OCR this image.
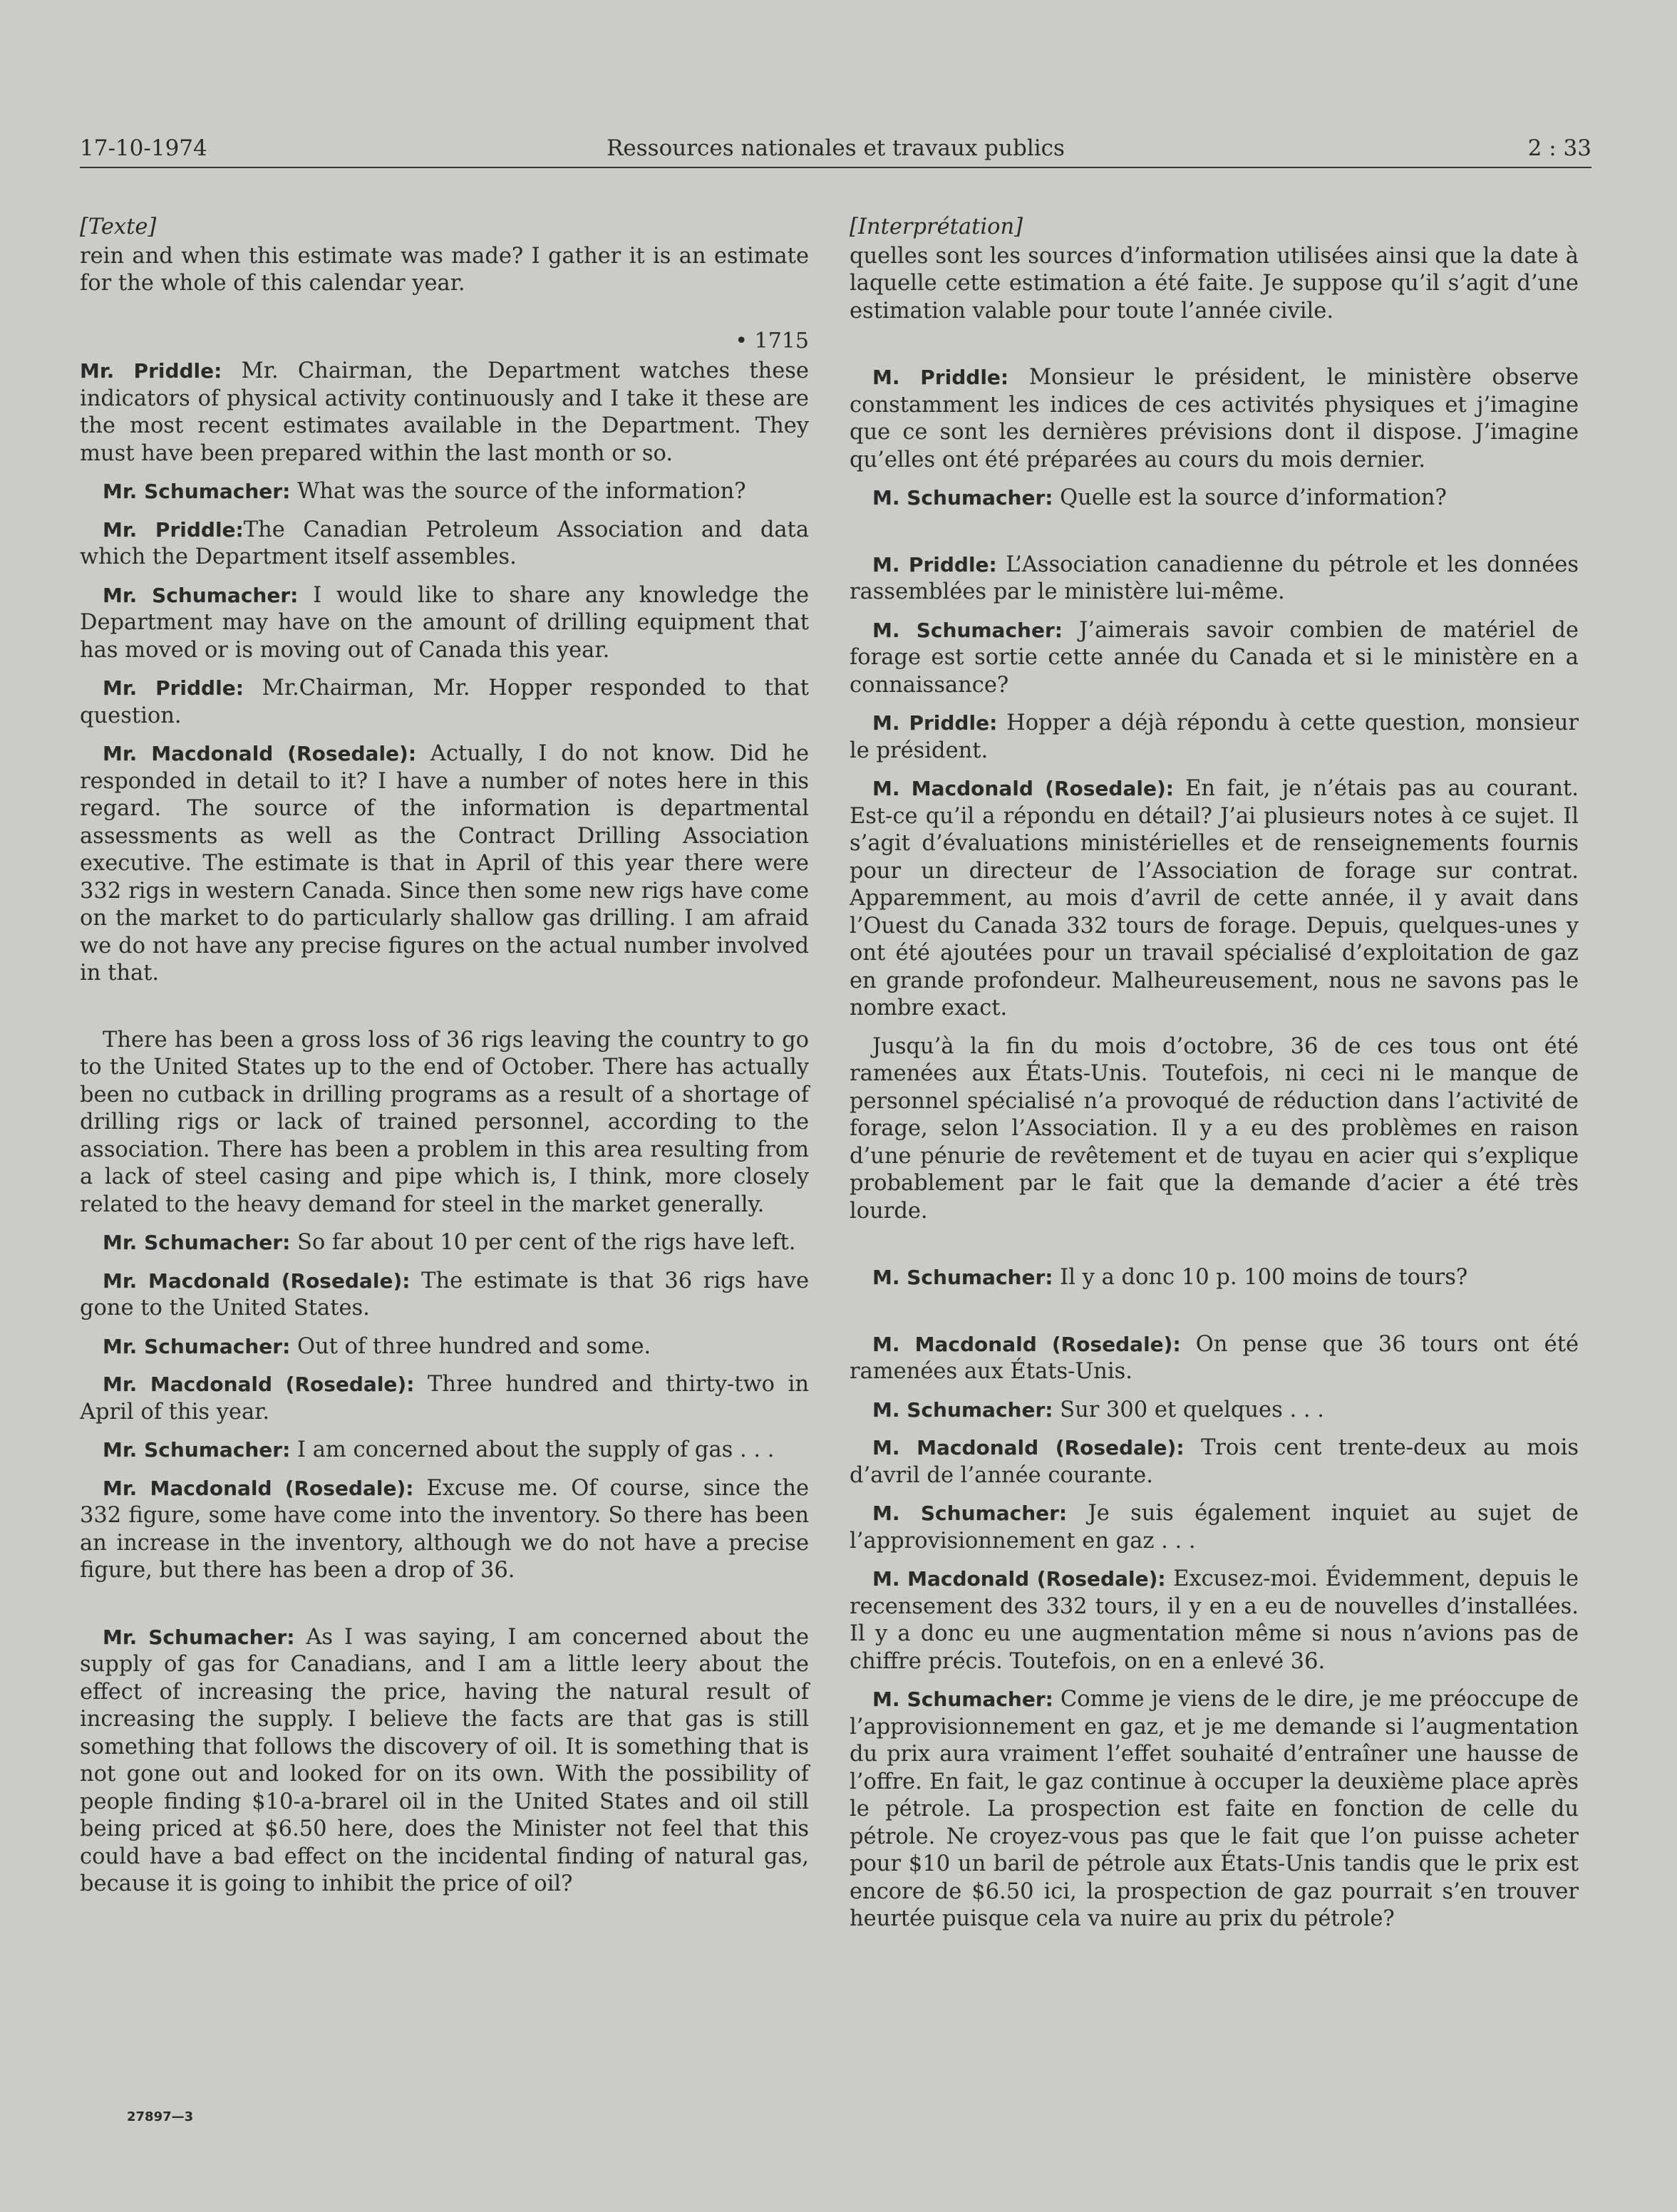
17-10-1974	Ressources nationales et travaux publics	2 : 33

[Texte]

rein and when this estimate was made? I gather it is an estimate for the whole of this calendar year.

• 1715

Mr. Priddle: Mr. Chairman, the Department watches these indicators of physical activity continuously and I take it these are the most recent estimates available in the Department. They must have been prepared within the last month or so.

Mr. Schumacher: What was the source of the information?

Mr. Priddle:The Canadian Petroleum Association and data which the Department itself assembles.

Mr. Schumacher: I would like to share any knowledge the Department may have on the amount of drilling equipment that has moved or is moving out of Canada this year.

Mr. Priddle: Mr.Chairman, Mr. Hopper responded to that question.

Mr. Macdonald (Rosedale): Actually, I do not know. Did he responded in detail to it? I have a number of notes here in this regard. The source of the information is departmental assessments as well as the Contract Drilling Association executive. The estimate is that in April of this year there were 332 rigs in western Canada. Since then some new rigs have come on the market to do particularly shallow gas drilling. I am afraid we do not have any precise figures on the actual number involved in that.

There has been a gross loss of 36 rigs leaving the country to go to the United States up to the end of October. There has actually been no cutback in drilling programs as a result of a shortage of drilling rigs or lack of trained personnel, according to the association. There has been a problem in this area resulting from a lack of steel casing and pipe which is, I think, more closely related to the heavy demand for steel in the market generally.

Mr. Schumacher: So far about 10 per cent of the rigs have left.

Mr. Macdonald (Rosedale): The estimate is that 36 rigs have gone to the United States.

Mr. Schumacher: Out of three hundred and some.

Mr. Macdonald (Rosedale): Three hundred and thirty-two in April of this year.

Mr. Schumacher: I am concerned about the supply of gas . . .

Mr. Macdonald (Rosedale): Excuse me. Of course, since the 332 figure, some have come into the inventory. So there has been an increase in the inventory, although we do not have a precise figure, but there has been a drop of 36.

Mr. Schumacher: As I was saying, I am concerned about the supply of gas for Canadians, and I am a little leery about the effect of increasing the price, having the natural result of increasing the supply. I believe the facts are that gas is still something that follows the discovery of oil. It is something that is not gone out and looked for on its own. With the possibility of people finding $10-a-brarel oil in the United States and oil still being priced at $6.50 here, does the Minister not feel that this could have a bad effect on the incidental finding of natural gas, because it is going to inhibit the price of oil?

[Interprétation]

quelles sont les sources d’information utilisées ainsi que la date à laquelle cette estimation a été faite. Je suppose qu’il s’agit d’une estimation valable pour toute l’année civile.

M. Priddle: Monsieur le président, le ministère observe constamment les indices de ces activités physiques et j’imagine que ce sont les dernières prévisions dont il dispose. J’imagine qu’elles ont été préparées au cours du mois dernier.

M. Schumacher: Quelle est la source d’information?

M. Priddle: L’Association canadienne du pétrole et les données rassemblées par le ministère lui-même.

M. Schumacher: J’aimerais savoir combien de matériel de forage est sortie cette année du Canada et si le ministère en a connaissance?

M. Priddle: Hopper a déjà répondu à cette question, monsieur le président.

M. Macdonald (Rosedale): En fait, je n’étais pas au courant. Est-ce qu’il a répondu en détail? J’ai plusieurs notes à ce sujet. Il s’agit d’évaluations ministérielles et de renseignements fournis pour un directeur de l’Association de forage sur contrat. Apparemment, au mois d’avril de cette année, il y avait dans l’Ouest du Canada 332 tours de forage. Depuis, quelques-unes y ont été ajoutées pour un travail spécialisé d’exploitation de gaz en grande profondeur. Malheureusement, nous ne savons pas le nombre exact.

Jusqu’à la fin du mois d’octobre, 36 de ces tous ont été ramenées aux États-Unis. Toutefois, ni ceci ni le manque de personnel spécialisé n’a provoqué de réduction dans l’activité de forage, selon l’Association. Il y a eu des problèmes en raison d’une pénurie de revêtement et de tuyau en acier qui s’explique probablement par le fait que la demande d’acier a été très lourde.

M. Schumacher: Il y a donc 10 p. 100 moins de tours?

M. Macdonald (Rosedale): On pense que 36 tours ont été ramenées aux États-Unis.

M. Schumacher: Sur 300 et quelques . . .

M. Macdonald (Rosedale): Trois cent trente-deux au mois d’avril de l’année courante.

M. Schumacher: Je suis également inquiet au sujet de l’approvisionnement en gaz . . .

M. Macdonald (Rosedale): Excusez-moi. Évidemment, depuis le recensement des 332 tours, il y en a eu de nouvelles d’installées. Il y a donc eu une augmentation même si nous n’avions pas de chiffre précis. Toutefois, on en a enlevé 36.

M. Schumacher: Comme je viens de le dire, je me préoccupe de l’approvisionnement en gaz, et je me demande si l’augmentation du prix aura vraiment l’effet souhaité d’entraîner une hausse de l’offre. En fait, le gaz continue à occuper la deuxième place après le pétrole. La prospection est faite en fonction de celle du pétrole. Ne croyez-vous pas que le fait que l’on puisse acheter pour $10 un baril de pétrole aux États-Unis tandis que le prix est encore de $6.50 ici, la prospection de gaz pourrait s’en trouver heurtée puisque cela va nuire au prix du pétrole?

27897—3
